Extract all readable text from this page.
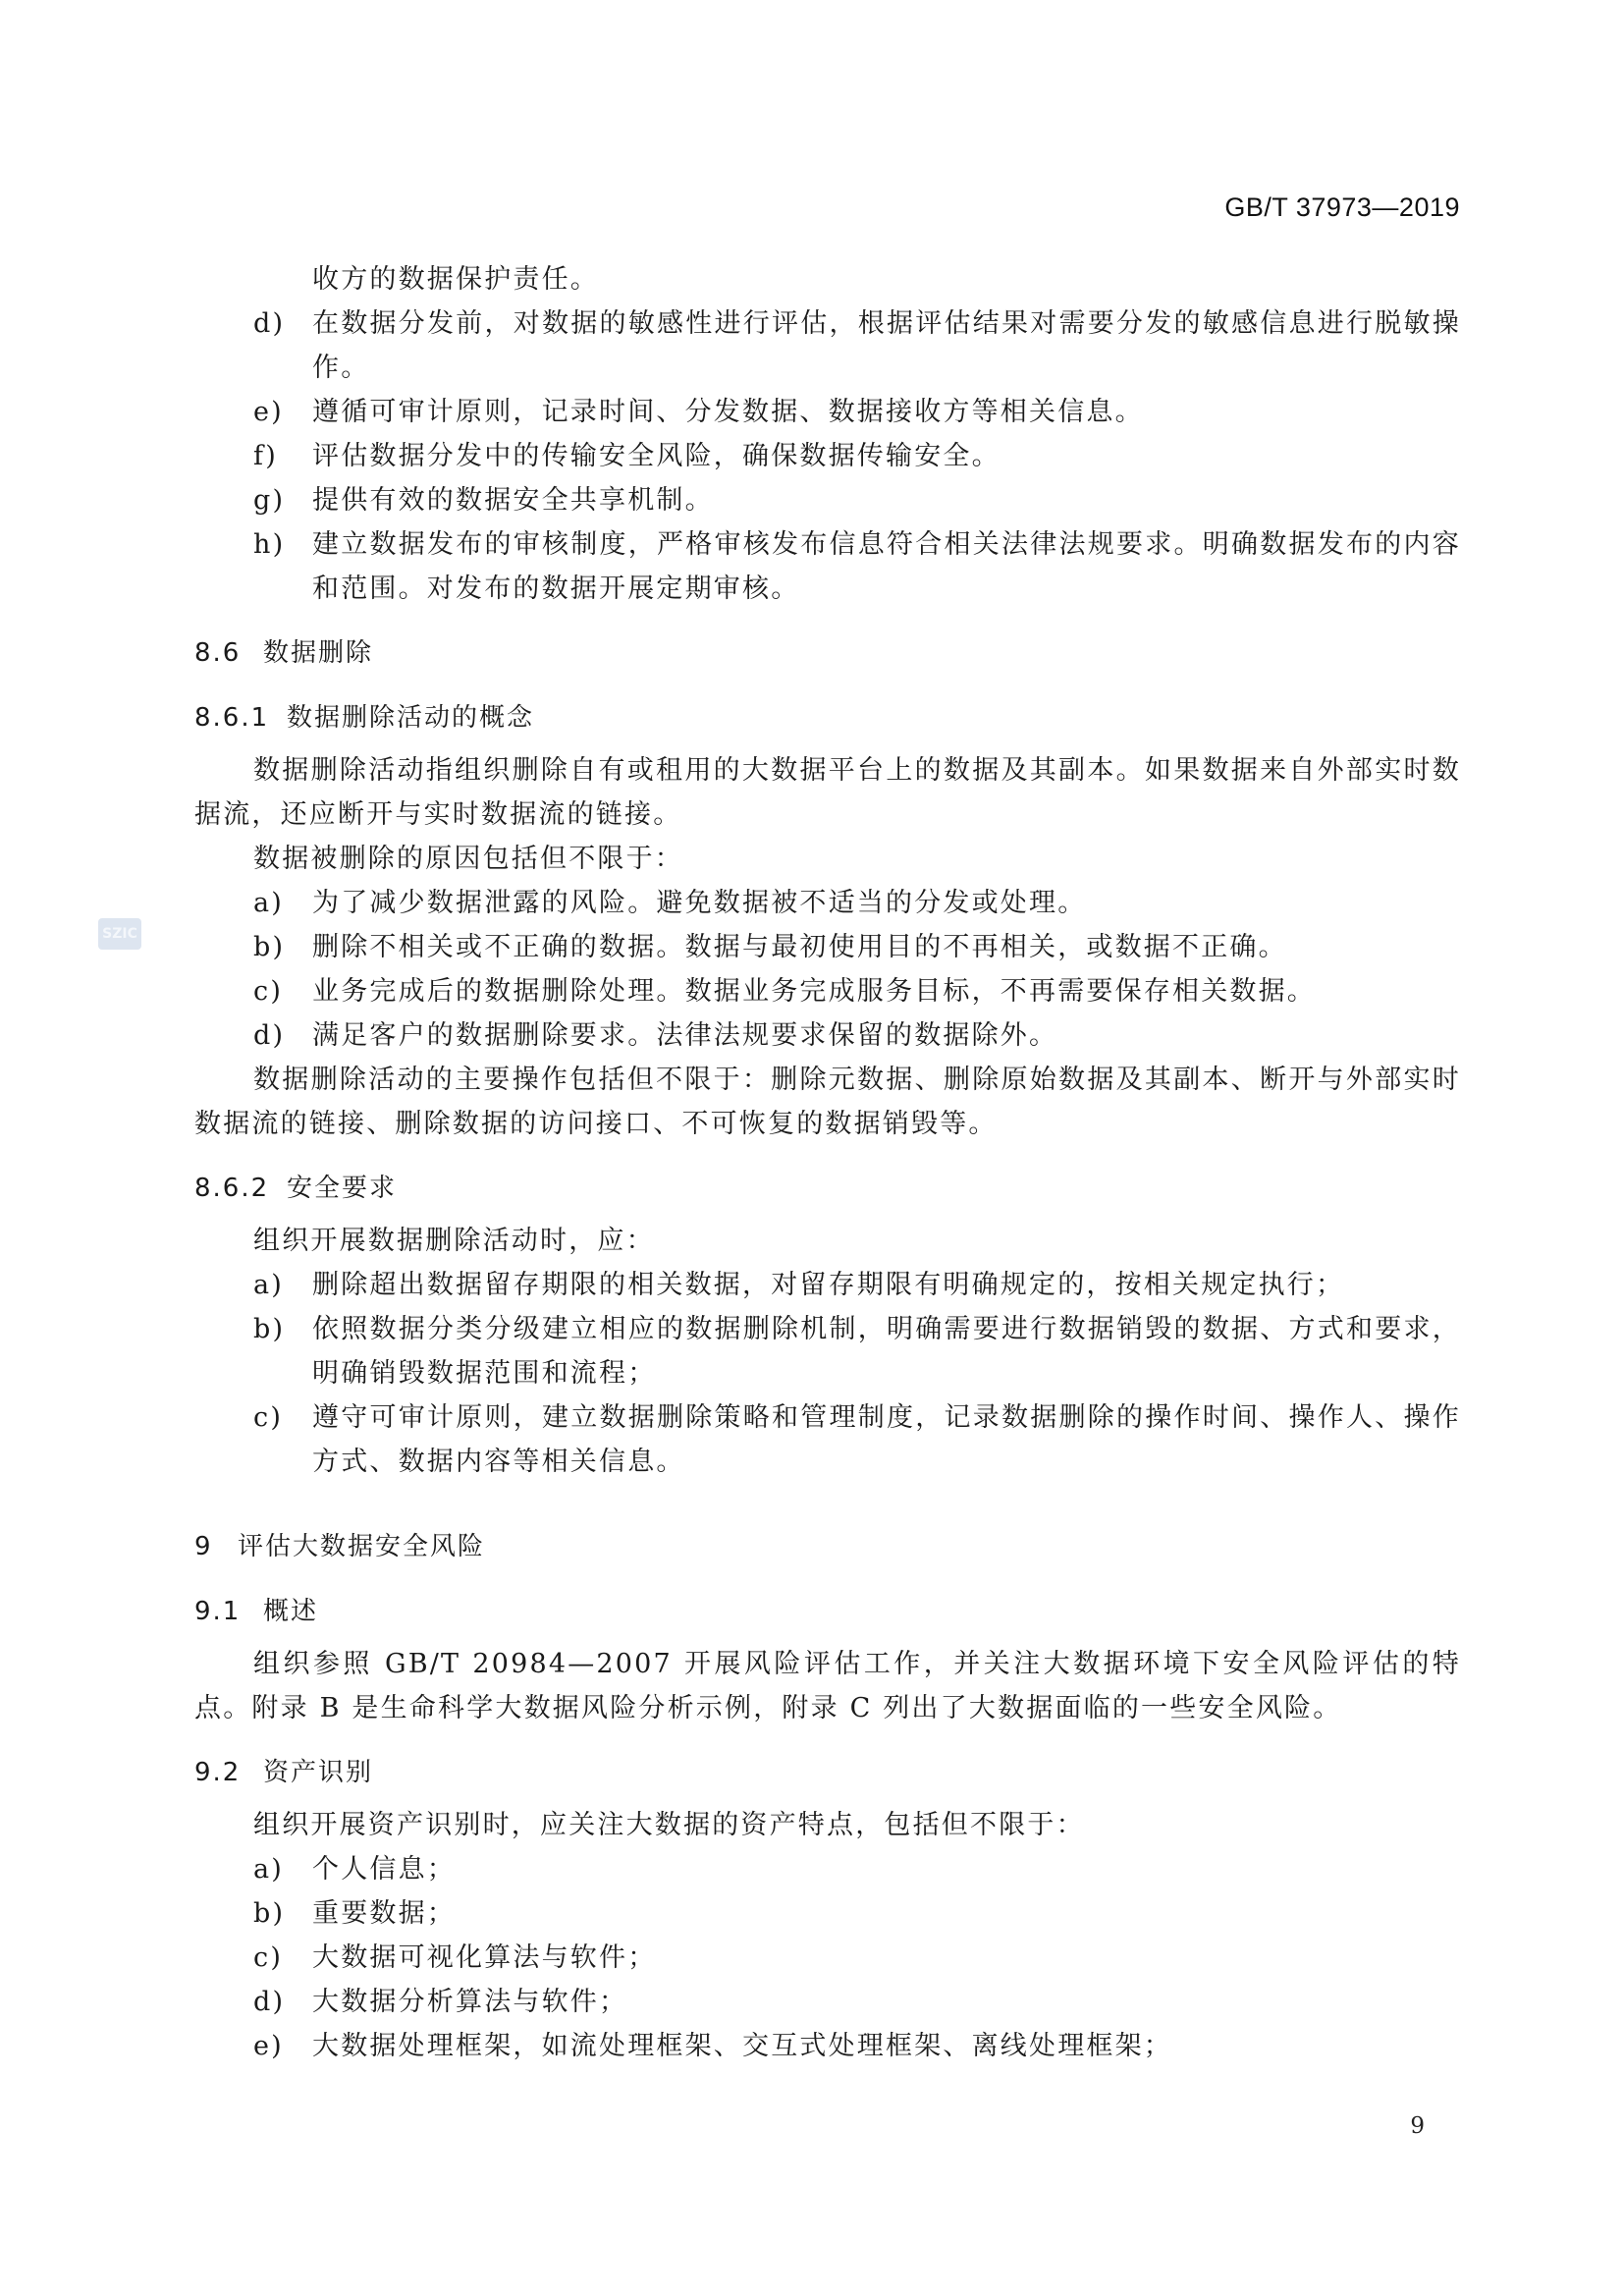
GB/T 37973—2019
SZIC
收方的数据保护责任。
d)	在数据分发前，对数据的敏感性进行评估，根据评估结果对需要分发的敏感信息进行脱敏操作。
e)	遵循可审计原则，记录时间、分发数据、数据接收方等相关信息。
f)	评估数据分发中的传输安全风险，确保数据传输安全。
g)	提供有效的数据安全共享机制。
h)	建立数据发布的审核制度，严格审核发布信息符合相关法律法规要求。明确数据发布的内容和范围。对发布的数据开展定期审核。
8.6 数据删除
8.6.1 数据删除活动的概念
数据删除活动指组织删除自有或租用的大数据平台上的数据及其副本。如果数据来自外部实时数据流，还应断开与实时数据流的链接。
数据被删除的原因包括但不限于：
a)	为了减少数据泄露的风险。避免数据被不适当的分发或处理。
b)	删除不相关或不正确的数据。数据与最初使用目的不再相关，或数据不正确。
c)	业务完成后的数据删除处理。数据业务完成服务目标，不再需要保存相关数据。
d)	满足客户的数据删除要求。法律法规要求保留的数据除外。
数据删除活动的主要操作包括但不限于：删除元数据、删除原始数据及其副本、断开与外部实时数据流的链接、删除数据的访问接口、不可恢复的数据销毁等。
8.6.2 安全要求
组织开展数据删除活动时，应：
a)	删除超出数据留存期限的相关数据，对留存期限有明确规定的，按相关规定执行；
b)	依照数据分类分级建立相应的数据删除机制，明确需要进行数据销毁的数据、方式和要求，明确销毁数据范围和流程；
c)	遵守可审计原则，建立数据删除策略和管理制度，记录数据删除的操作时间、操作人、操作方式、数据内容等相关信息。
9 评估大数据安全风险
9.1 概述
组织参照 GB/T 20984—2007 开展风险评估工作，并关注大数据环境下安全风险评估的特点。附录 B 是生命科学大数据风险分析示例，附录 C 列出了大数据面临的一些安全风险。
9.2 资产识别
组织开展资产识别时，应关注大数据的资产特点，包括但不限于：
a)	个人信息；
b)	重要数据；
c)	大数据可视化算法与软件；
d)	大数据分析算法与软件；
e)	大数据处理框架，如流处理框架、交互式处理框架、离线处理框架；
9
